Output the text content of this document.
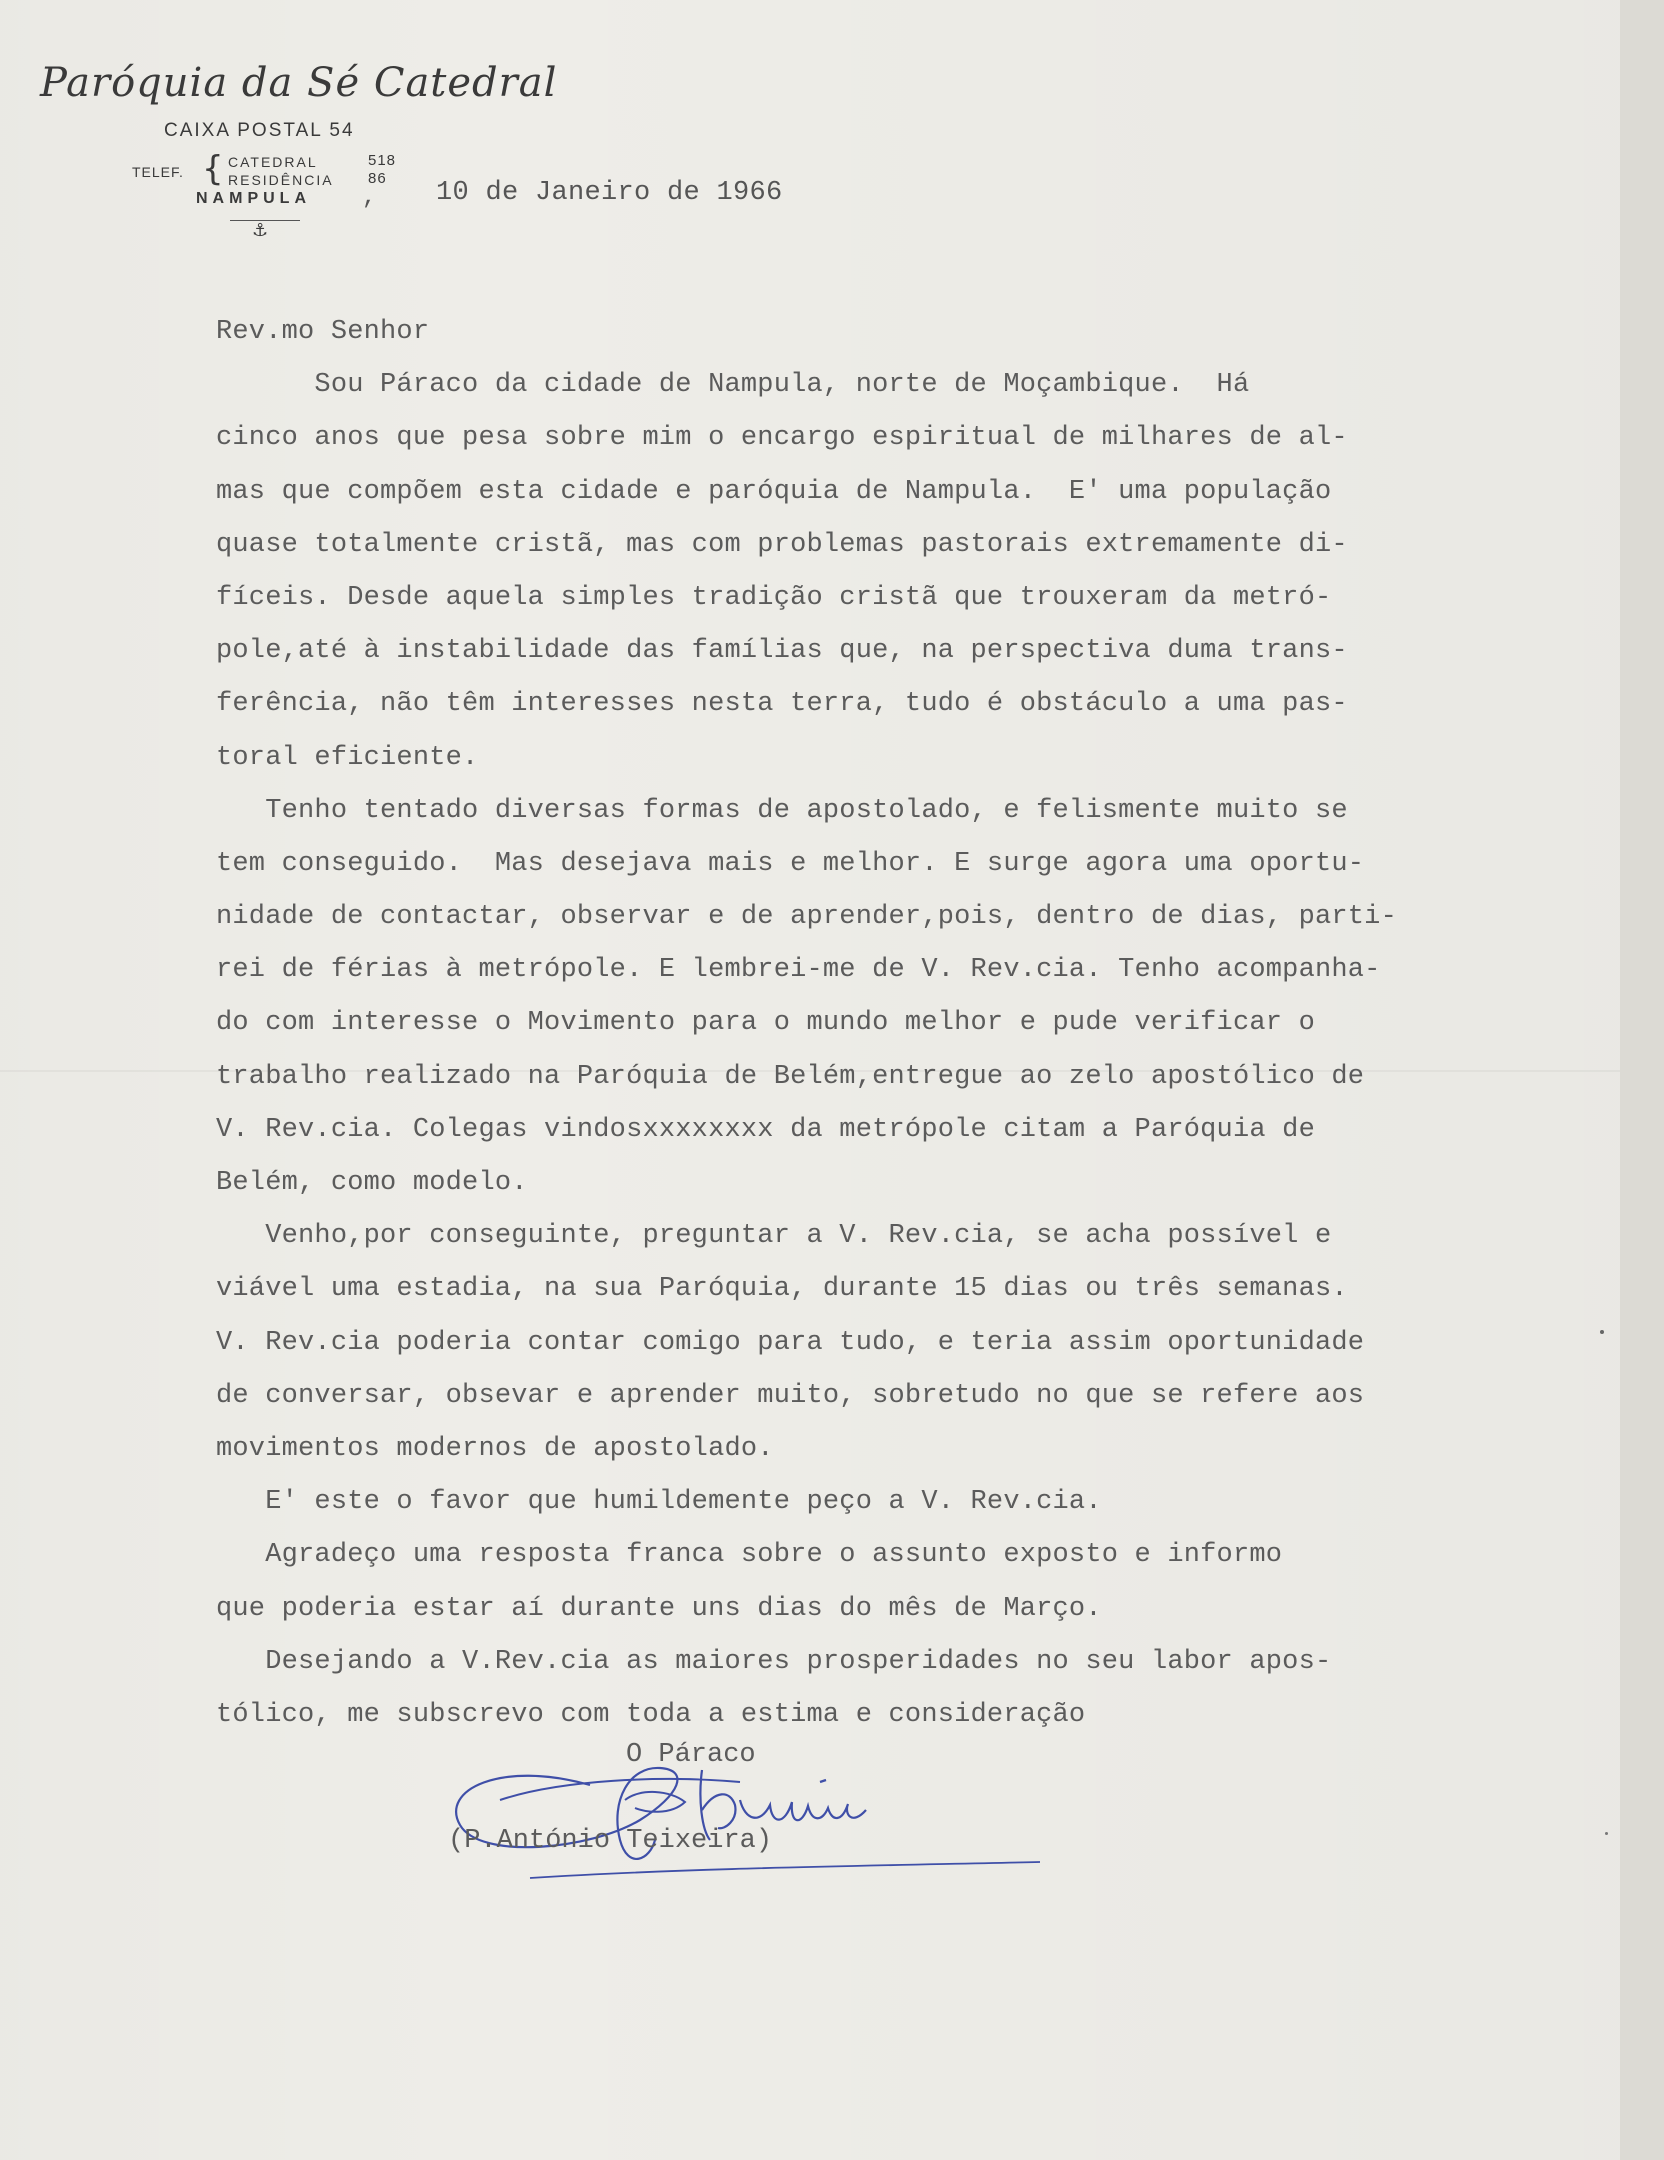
Paróquia da Sé Catedral
CAIXA POSTAL 54
TELEF. { CATEDRAL	518
RESIDÊNCIA 86
NAMPULA
⚓
, 10 de Janeiro de 1966
Rev.mo Senhor
Sou Páraco da cidade de Nampula, norte de Moçambique.  Há
cinco anos que pesa sobre mim o encargo espiritual de milhares de al-
mas que compõem esta cidade e paróquia de Nampula.  E' uma população
quase totalmente cristã, mas com problemas pastorais extremamente di-
fíceis. Desde aquela simples tradição cristã que trouxeram da metró-
pole,até à instabilidade das famílias que, na perspectiva duma trans-
ferência, não têm interesses nesta terra, tudo é obstáculo a uma pas-
toral eficiente.
Tenho tentado diversas formas de apostolado, e felismente muito se
tem conseguido.  Mas desejava mais e melhor. E surge agora uma oportu-
nidade de contactar, observar e de aprender,pois, dentro de dias, parti-
rei de férias à metrópole. E lembrei-me de V. Rev.cia. Tenho acompanha-
do com interesse o Movimento para o mundo melhor e pude verificar o
trabalho realizado na Paróquia de Belém,entregue ao zelo apostólico de
V. Rev.cia. Colegas vindosxxxxxxxx da metrópole citam a Paróquia de
Belém, como modelo.
Venho,por conseguinte, preguntar a V. Rev.cia, se acha possível e
viável uma estadia, na sua Paróquia, durante 15 dias ou três semanas.
V. Rev.cia poderia contar comigo para tudo, e teria assim oportunidade
de conversar, obsevar e aprender muito, sobretudo no que se refere aos
movimentos modernos de apostolado.
E' este o favor que humildemente peço a V. Rev.cia.
Agradeço uma resposta franca sobre o assunto exposto e informo
que poderia estar aí durante uns dias do mês de Março.
Desejando a V.Rev.cia as maiores prosperidades no seu labor apos-
tólico, me subscrevo com toda a estima e consideração
O Páraco
(P.António Teixeira)
